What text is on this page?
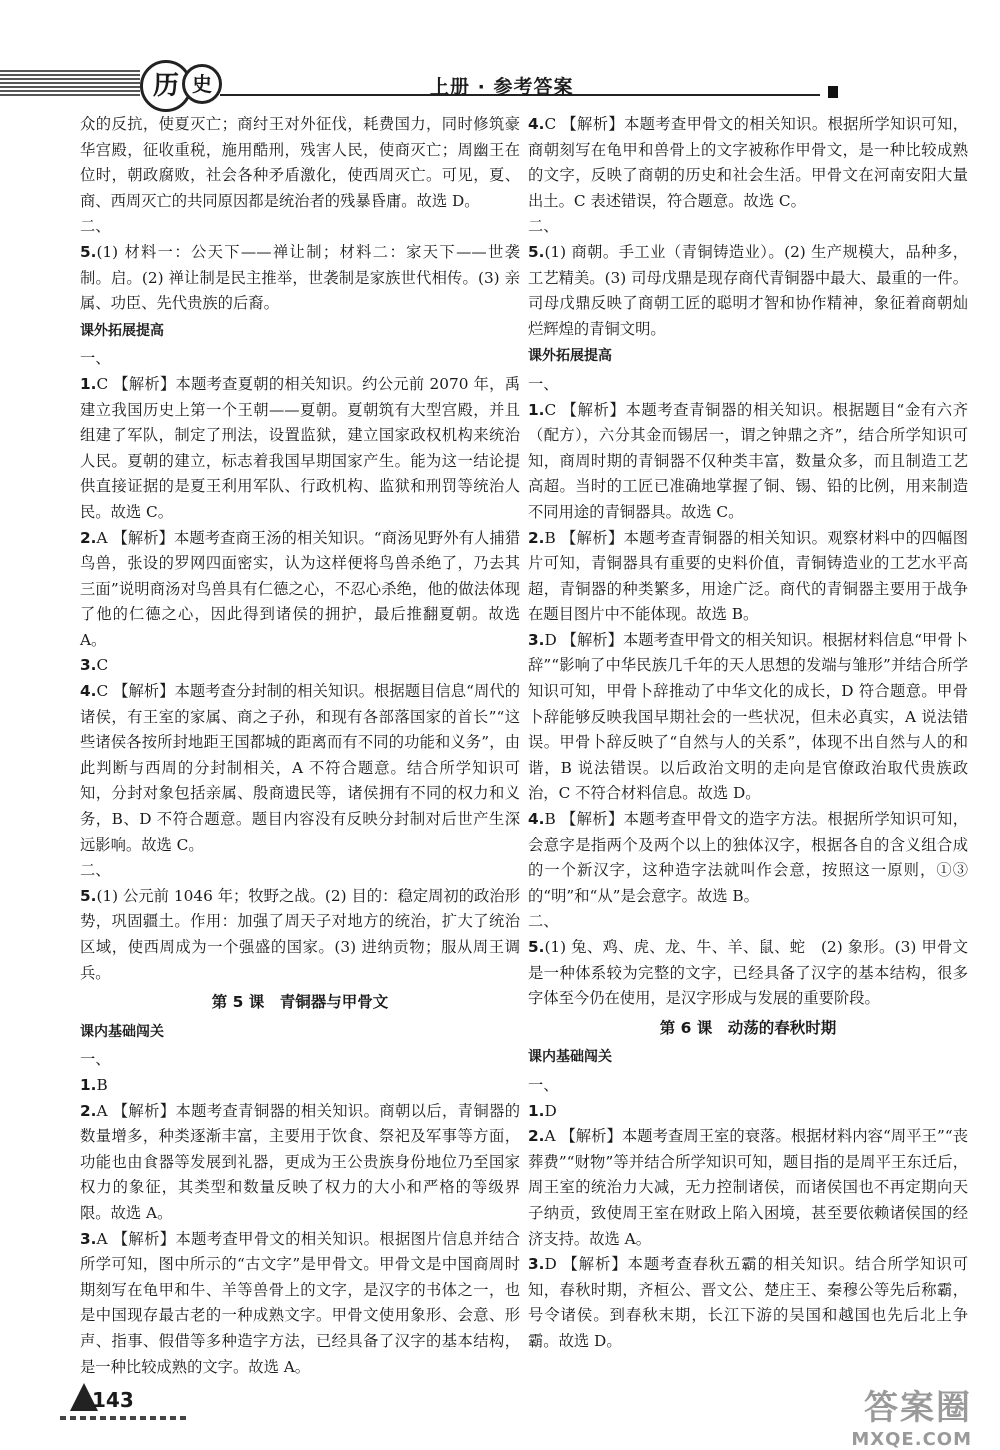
历 史	上册 · 参考答案

众的反抗，使夏灭亡；商纣王对外征伐，耗费国力，同时修筑豪华宫殿，征收重税，施用酷刑，残害人民，使商灭亡；周幽王在位时，朝政腐败，社会各种矛盾激化，使西周灭亡。可见，夏、商、西周灭亡的共同原因都是统治者的残暴昏庸。故选 D。

二、

5.(1) 材料一：公天下——禅让制；材料二：家天下——世袭制。启。(2) 禅让制是民主推举，世袭制是家族世代相传。(3) 亲属、功臣、先代贵族的后裔。

课外拓展提高

一、

1.C 【解析】本题考查夏朝的相关知识。约公元前 2070 年，禹建立我国历史上第一个王朝——夏朝。夏朝筑有大型宫殿，并且组建了军队，制定了刑法，设置监狱，建立国家政权机构来统治人民。夏朝的建立，标志着我国早期国家产生。能为这一结论提供直接证据的是夏王利用军队、行政机构、监狱和刑罚等统治人民。故选 C。

2.A 【解析】本题考查商王汤的相关知识。“商汤见野外有人捕猎鸟兽，张设的罗网四面密实，认为这样便将鸟兽杀绝了，乃去其三面”说明商汤对鸟兽具有仁德之心，不忍心杀绝，他的做法体现了他的仁德之心，因此得到诸侯的拥护，最后推翻夏朝。故选 A。

3.C

4.C 【解析】本题考查分封制的相关知识。根据题目信息“周代的诸侯，有王室的家属、商之子孙，和现有各部落国家的首长”“这些诸侯各按所封地距王国都城的距离而有不同的功能和义务”，由此判断与西周的分封制相关，A 不符合题意。结合所学知识可知，分封对象包括亲属、殷商遗民等，诸侯拥有不同的权力和义务，B、D 不符合题意。题目内容没有反映分封制对后世产生深远影响。故选 C。

二、

5.(1) 公元前 1046 年；牧野之战。(2) 目的：稳定周初的政治形势，巩固疆土。作用：加强了周天子对地方的统治，扩大了统治区域，使西周成为一个强盛的国家。(3) 进纳贡物；服从周王调兵。

第 5 课　青铜器与甲骨文
课内基础闯关

一、

1.B

2.A 【解析】本题考查青铜器的相关知识。商朝以后，青铜器的数量增多，种类逐渐丰富，主要用于饮食、祭祀及军事等方面，功能也由食器等发展到礼器，更成为王公贵族身份地位乃至国家权力的象征，其类型和数量反映了权力的大小和严格的等级界限。故选 A。

3.A 【解析】本题考查甲骨文的相关知识。根据图片信息并结合所学可知，图中所示的“古文字”是甲骨文。甲骨文是中国商周时期刻写在龟甲和牛、羊等兽骨上的文字，是汉字的书体之一，也是中国现存最古老的一种成熟文字。甲骨文使用象形、会意、形声、指事、假借等多种造字方法，已经具备了汉字的基本结构，是一种比较成熟的文字。故选 A。

4.C 【解析】本题考查甲骨文的相关知识。根据所学知识可知，商朝刻写在龟甲和兽骨上的文字被称作甲骨文，是一种比较成熟的文字，反映了商朝的历史和社会生活。甲骨文在河南安阳大量出土。C 表述错误，符合题意。故选 C。

二、

5.(1) 商朝。手工业（青铜铸造业）。(2) 生产规模大，品种多，工艺精美。(3) 司母戊鼎是现存商代青铜器中最大、最重的一件。司母戊鼎反映了商朝工匠的聪明才智和协作精神，象征着商朝灿烂辉煌的青铜文明。

课外拓展提高

一、

1.C 【解析】本题考查青铜器的相关知识。根据题目“金有六齐（配方），六分其金而锡居一，谓之钟鼎之齐”，结合所学知识可知，商周时期的青铜器不仅种类丰富，数量众多，而且制造工艺高超。当时的工匠已准确地掌握了铜、锡、铅的比例，用来制造不同用途的青铜器具。故选 C。

2.B 【解析】本题考查青铜器的相关知识。观察材料中的四幅图片可知，青铜器具有重要的史料价值，青铜铸造业的工艺水平高超，青铜器的种类繁多，用途广泛。商代的青铜器主要用于战争在题目图片中不能体现。故选 B。

3.D 【解析】本题考查甲骨文的相关知识。根据材料信息“甲骨卜辞”“影响了中华民族几千年的天人思想的发端与雏形”并结合所学知识可知，甲骨卜辞推动了中华文化的成长，D 符合题意。甲骨卜辞能够反映我国早期社会的一些状况，但未必真实，A 说法错误。甲骨卜辞反映了“自然与人的关系”，体现不出自然与人的和谐，B 说法错误。以后政治文明的走向是官僚政治取代贵族政治，C 不符合材料信息。故选 D。

4.B 【解析】本题考查甲骨文的造字方法。根据所学知识可知，会意字是指两个及两个以上的独体汉字，根据各自的含义组合成的一个新汉字，这种造字法就叫作会意，按照这一原则，①③的“明”和“从”是会意字。故选 B。

二、

5.(1) 兔、鸡、虎、龙、牛、羊、鼠、蛇　(2) 象形。(3) 甲骨文是一种体系较为完整的文字，已经具备了汉字的基本结构，很多字体至今仍在使用，是汉字形成与发展的重要阶段。

第 6 课　动荡的春秋时期
课内基础闯关

一、

1.D

2.A 【解析】本题考查周王室的衰落。根据材料内容“周平王”“丧葬费”“财物”等并结合所学知识可知，题目指的是周平王东迁后，周王室的统治力大减，无力控制诸侯，而诸侯国也不再定期向天子纳贡，致使周王室在财政上陷入困境，甚至要依赖诸侯国的经济支持。故选 A。

3.D 【解析】本题考查春秋五霸的相关知识。结合所学知识可知，春秋时期，齐桓公、晋文公、楚庄王、秦穆公等先后称霸，号令诸侯。到春秋末期，长江下游的吴国和越国也先后北上争霸。故选 D。

143	答案圈
MXQE.COM
